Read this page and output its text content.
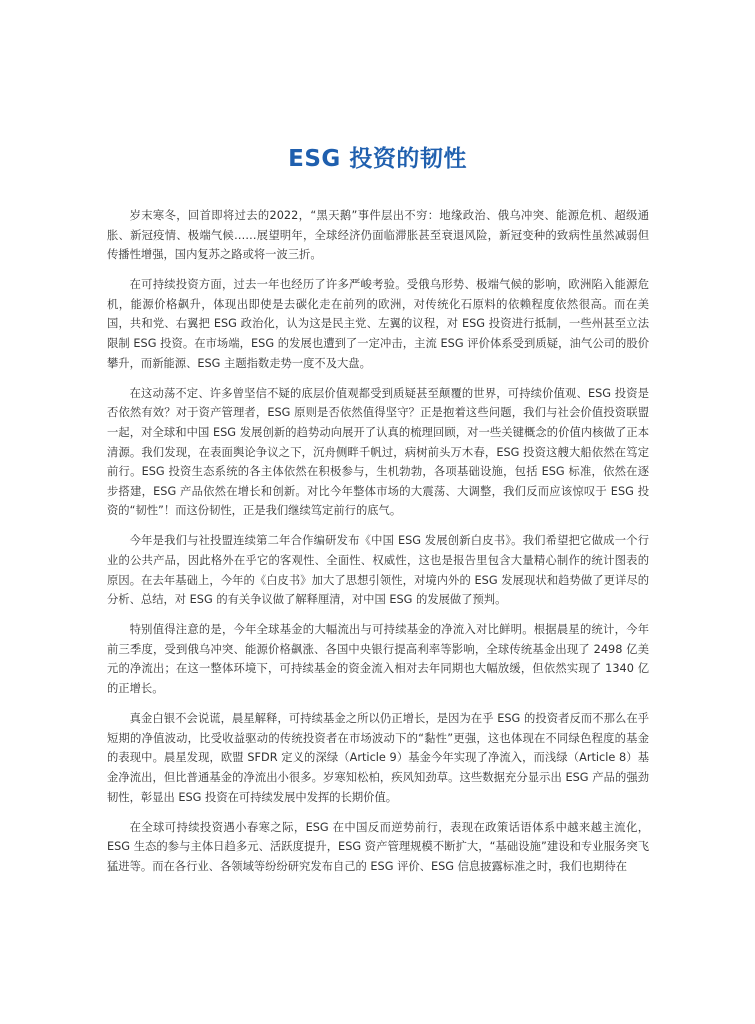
ESG 投资的韧性

岁末寒冬，回首即将过去的2022，“黑天鹅”事件层出不穷：地缘政治、俄乌冲突、能源危机、超级通胀、新冠疫情、极端气候……展望明年，全球经济仍面临滞胀甚至衰退风险，新冠变种的致病性虽然减弱但传播性增强，国内复苏之路或将一波三折。

在可持续投资方面，过去一年也经历了许多严峻考验。受俄乌形势、极端气候的影响，欧洲陷入能源危机，能源价格飙升，体现出即使是去碳化走在前列的欧洲，对传统化石原料的依赖程度依然很高。而在美国，共和党、右翼把 ESG 政治化，认为这是民主党、左翼的议程，对 ESG 投资进行抵制，一些州甚至立法限制 ESG 投资。在市场端，ESG 的发展也遭到了一定冲击，主流 ESG 评价体系受到质疑，油气公司的股价攀升，而新能源、ESG 主题指数走势一度不及大盘。

在这动荡不定、许多曾坚信不疑的底层价值观都受到质疑甚至颠覆的世界，可持续价值观、ESG 投资是否依然有效？对于资产管理者，ESG 原则是否依然值得坚守？正是抱着这些问题，我们与社会价值投资联盟一起，对全球和中国 ESG 发展创新的趋势动向展开了认真的梳理回顾，对一些关键概念的价值内核做了正本清源。我们发现，在表面舆论争议之下，沉舟侧畔千帆过，病树前头万木春，ESG 投资这艘大船依然在笃定前行。ESG 投资生态系统的各主体依然在积极参与，生机勃勃，各项基础设施，包括 ESG 标准，依然在逐步搭建，ESG 产品依然在增长和创新。对比今年整体市场的大震荡、大调整，我们反而应该惊叹于 ESG 投资的“韧性”！而这份韧性，正是我们继续笃定前行的底气。

今年是我们与社投盟连续第二年合作编研发布《中国 ESG 发展创新白皮书》。我们希望把它做成一个行业的公共产品，因此格外在乎它的客观性、全面性、权威性，这也是报告里包含大量精心制作的统计图表的原因。在去年基础上，今年的《白皮书》加大了思想引领性，对境内外的 ESG 发展现状和趋势做了更详尽的分析、总结，对 ESG 的有关争议做了解释厘清，对中国 ESG 的发展做了预判。

特别值得注意的是，今年全球基金的大幅流出与可持续基金的净流入对比鲜明。根据晨星的统计，今年前三季度，受到俄乌冲突、能源价格飙涨、各国中央银行提高利率等影响，全球传统基金出现了 2498 亿美元的净流出；在这一整体环境下，可持续基金的资金流入相对去年同期也大幅放缓，但依然实现了 1340 亿的正增长。

真金白银不会说谎，晨星解释，可持续基金之所以仍正增长，是因为在乎 ESG 的投资者反而不那么在乎短期的净值波动，比受收益驱动的传统投资者在市场波动下的“黏性”更强，这也体现在不同绿色程度的基金的表现中。晨星发现，欧盟 SFDR 定义的深绿（Article 9）基金今年实现了净流入，而浅绿（Article 8）基金净流出，但比普通基金的净流出小很多。岁寒知松柏，疾风知劲草。这些数据充分显示出 ESG 产品的强劲韧性，彰显出 ESG 投资在可持续发展中发挥的长期价值。

在全球可持续投资遇小春寒之际，ESG 在中国反而逆势前行，表现在政策话语体系中越来越主流化，ESG 生态的参与主体日趋多元、活跃度提升，ESG 资产管理规模不断扩大，“基础设施”建设和专业服务突飞猛进等。而在各行业、各领域等纷纷研究发布自己的 ESG 评价、ESG 信息披露标准之时，我们也期待在
